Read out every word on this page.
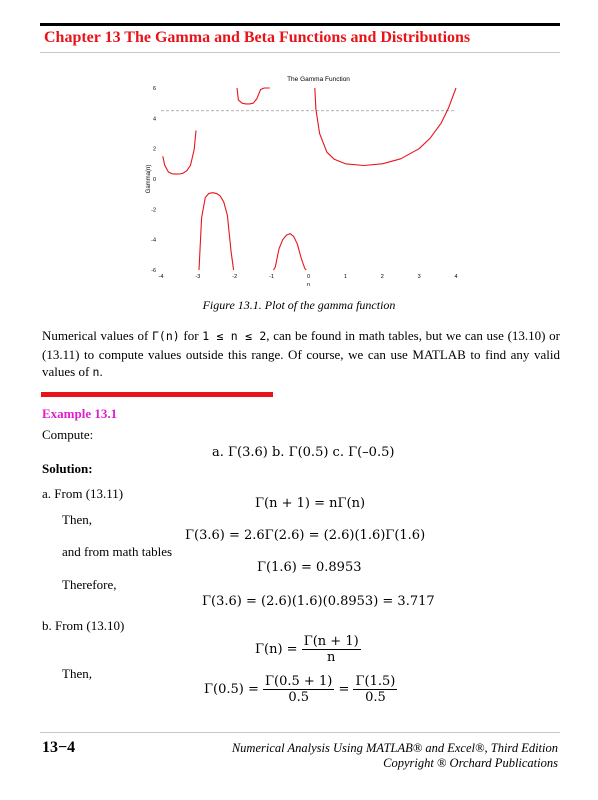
Chapter 13 The Gamma and Beta Functions and Distributions
The Gamma Function
6
4
2
0
-2
-4
-6
-4	-3	-2	-1	0	1	2	3	4
n
Gamma(n)
Figure 13.1. Plot of the gamma function
Numerical values of Γ(n) for 1 ≤ n ≤ 2, can be found in math tables, but we can use (13.10) or (13.11) to compute values outside this range. Of course, we can use MATLAB to find any valid values of n.
Example 13.1
Compute:
a. Γ(3.6) b. Γ(0.5) c. Γ(–0.5)
Solution:
a. From (13.11)
Γ(n + 1) = nΓ(n)
Then,
Γ(3.6) = 2.6Γ(2.6) = (2.6)(1.6)Γ(1.6)
and from math tables
Γ(1.6) = 0.8953
Therefore,
Γ(3.6) = (2.6)(1.6)(0.8953) = 3.717
b. From (13.10)
$\Gamma(n) = \frac{\Gamma(n + 1)}{n}$
Then,
$\Gamma(0.5) = \frac{\Gamma(0.5 + 1)}{0.5} = \frac{\Gamma(1.5)}{0.5}$
13−4	Numerical Analysis Using MATLAB® and Excel®, Third Edition
Copyright ® Orchard Publications
